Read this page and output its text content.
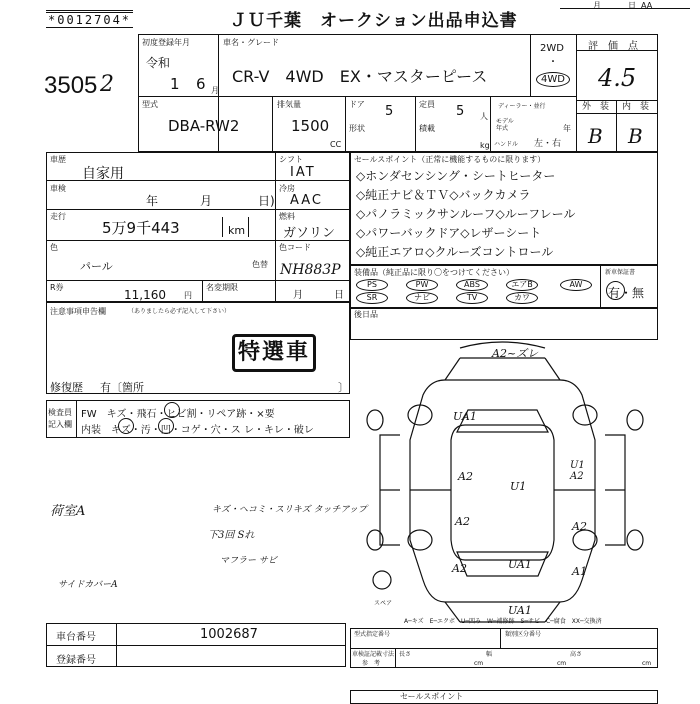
*0012704*	ＪＵ千葉　オークション出品申込書
月	日 AA
3505 2
初度登録年月
令和
1 6 月
車名・グレード
CR-V　4WD　EX・マスターピース
2WD
・
4WD
型式
DBA-RW2
排気量
1500
CC
ドア 5
形状
定員 5 人
積載
kg
ディーラー・並行
モデル年式	年
ハンドル 左・右
評　価　点
4.5
外　装 内　装
B B
車歴
自家用
シフト
IAT
車検
年	月	日)
冷房
AAC
走行
5万9千443	km
燃料
ガソリン
色
パール	色替
色コード
NH883P
R券
11,160 円
名変期限
月	日
セールスポイント（正常に機能するものに限ります）
◇ホンダセンシング・シートヒーター
◇純正ナビ＆ＴＶ◇バックカメラ
◇パノラミックサンルーフ◇ルーフレール
◇パワーバックドア◇レザーシート
◇純正エアロ◇クルーズコントロール
装備品（純正品に限り〇をつけてください）
PS	PW	ABS	エアB	AW
SR	ナビ	TV	カワ
新車保証書
有・無
後日品
注意事項申告欄	（ありましたら必ず記入して下さい）
特選車
修復歴 有〔箇所	〕
検査員
記入欄
FW　キズ・飛石・ヒビ割・リペア跡・×要
内装　キズ・汚・凹・コゲ・穴・ス レ・キレ・破レ
荷室A
サイドカバーA
キズ・ヘコミ・スリキズ タッチアップ
下3回 Sれ
マフラー サビ
A2~ズレ
UA1
A2
U1
U1 A2
A2	A2
A2	UA1
A1
UA1
スペア
A─キズ　E─エクボ　U─凹み　W─補修跡　S─サビ　C─腐食　XX─交換済
車台番号	1002687
登録番号
型式指定番号	類別区分番号
車検証記載寸法
参　考
長さ
cm
幅
cm
高さ
cm
セールスポイント
